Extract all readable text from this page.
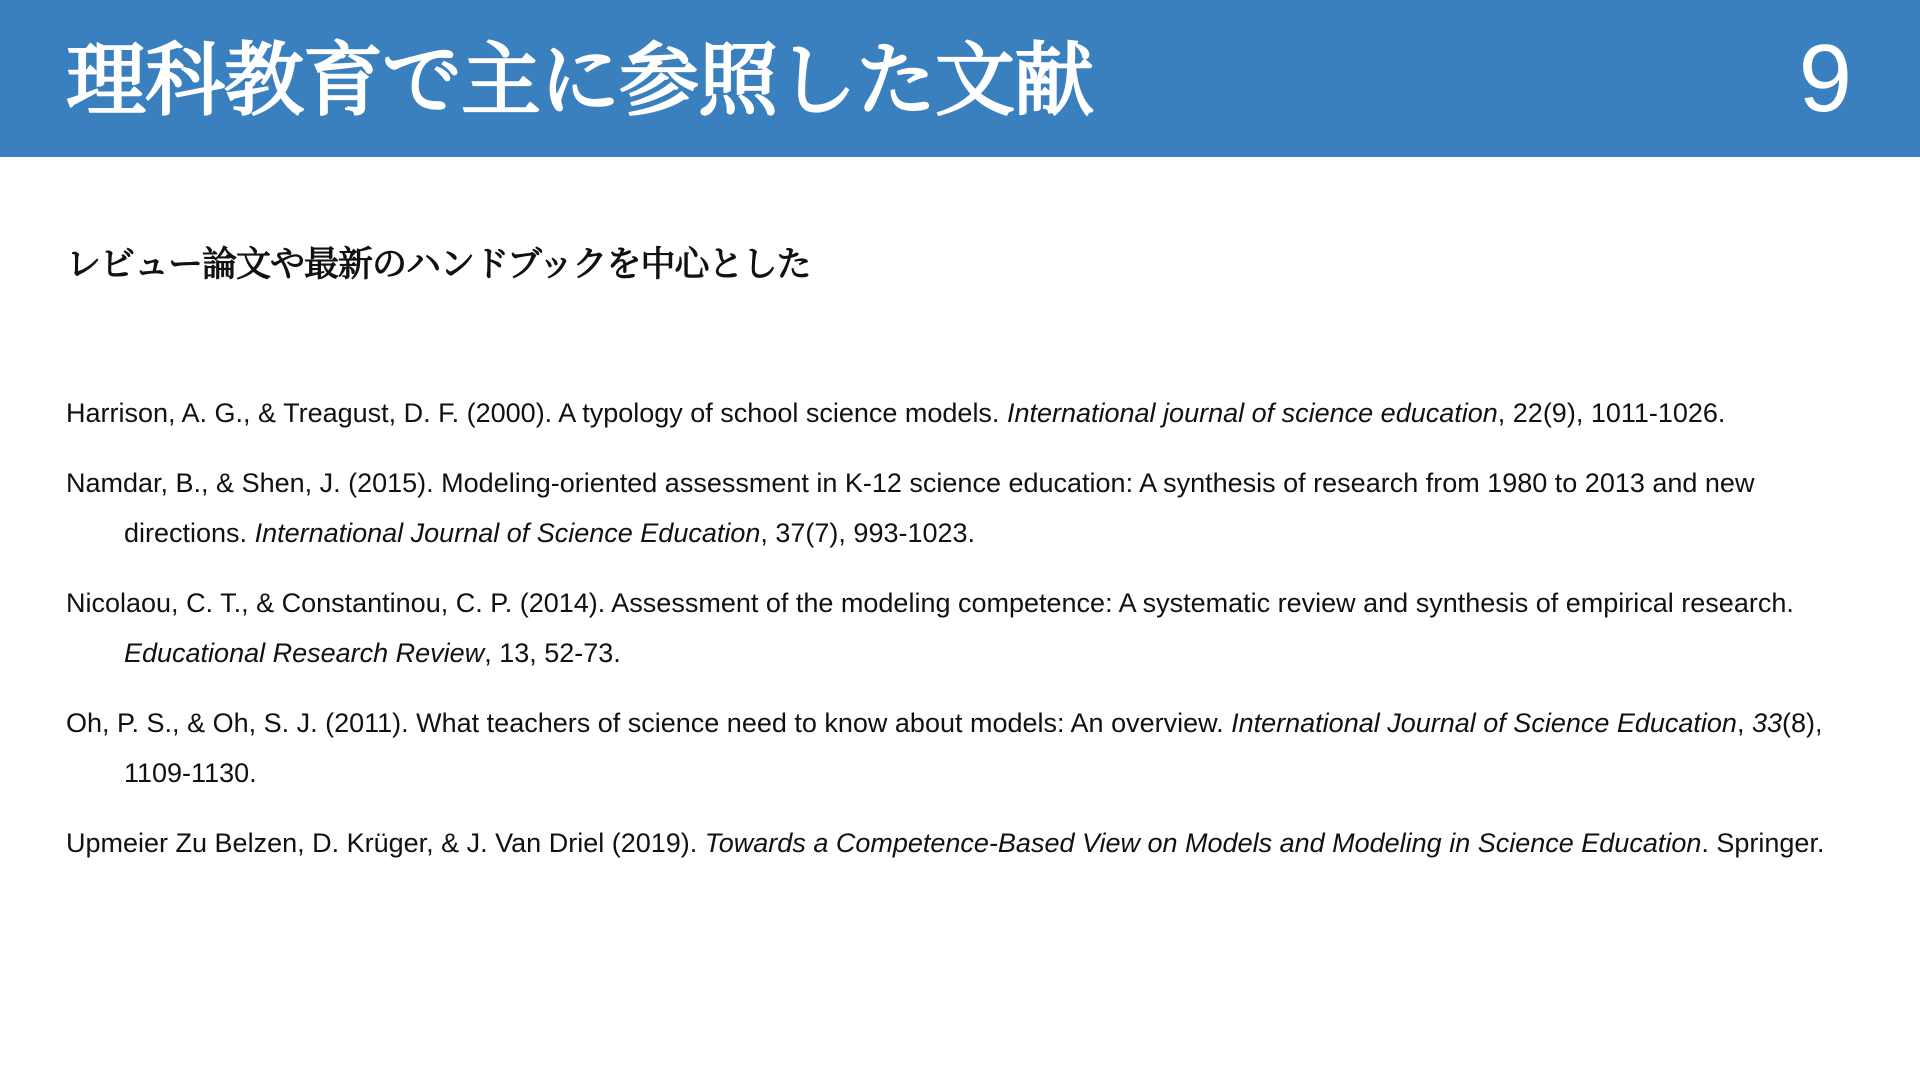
理科教育で主に参照した文献	9
レビュー論文や最新のハンドブックを中心とした
Harrison, A. G., & Treagust, D. F. (2000). A typology of school science models. International journal of science education, 22(9), 1011-1026.
Namdar, B., & Shen, J. (2015). Modeling-oriented assessment in K-12 science education: A synthesis of research from 1980 to 2013 and new directions. International Journal of Science Education, 37(7), 993-1023.
Nicolaou, C. T., & Constantinou, C. P. (2014). Assessment of the modeling competence: A systematic review and synthesis of empirical research. Educational Research Review, 13, 52-73.
Oh, P. S., & Oh, S. J. (2011). What teachers of science need to know about models: An overview. International Journal of Science Education, 33(8), 1109-1130.
Upmeier Zu Belzen, D. Krüger, & J. Van Driel (2019). Towards a Competence-Based View on Models and Modeling in Science Education. Springer.
